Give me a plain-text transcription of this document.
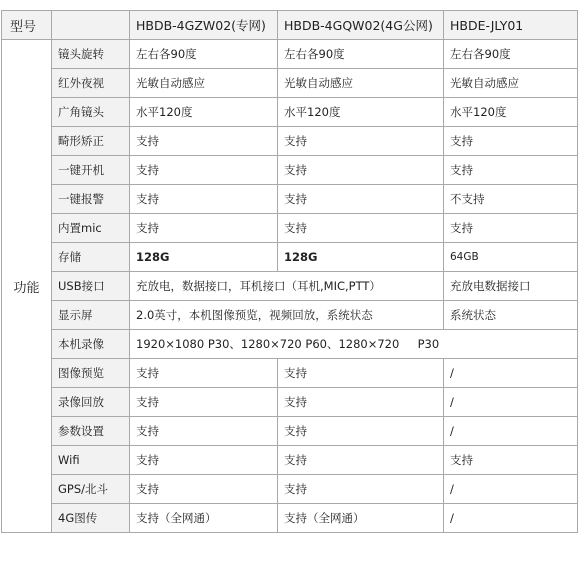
型号		HBDB-4GZW02(专网)	HBDB-4GQW02(4G公网)	HBDE-JLY01
功能	镜头旋转	左右各90度	左右各90度	左右各90度
	红外夜视	光敏自动感应	光敏自动感应	光敏自动感应
	广角镜头	水平120度	水平120度	水平120度
	畸形矫正	支持	支持	支持
	一键开机	支持	支持	支持
	一键报警	支持	支持	不支持
	内置mic	支持	支持	支持
	存储	128G	128G	64GB
	USB接口	充放电，数据接口，耳机接口（耳机,MIC,PTT）		充放电数据接口
	显示屏	2.0英寸，本机图像预览，视频回放，系统状态		系统状态
	本机录像	1920×1080 P30、1280×720 P60、1280×720     P30		
	图像预览	支持	支持	/
	录像回放	支持	支持	/
	参数设置	支持	支持	/
	Wifi	支持	支持	支持
	GPS/北斗	支持	支持	/
	4G图传	支持（全网通）	支持（全网通）	/
